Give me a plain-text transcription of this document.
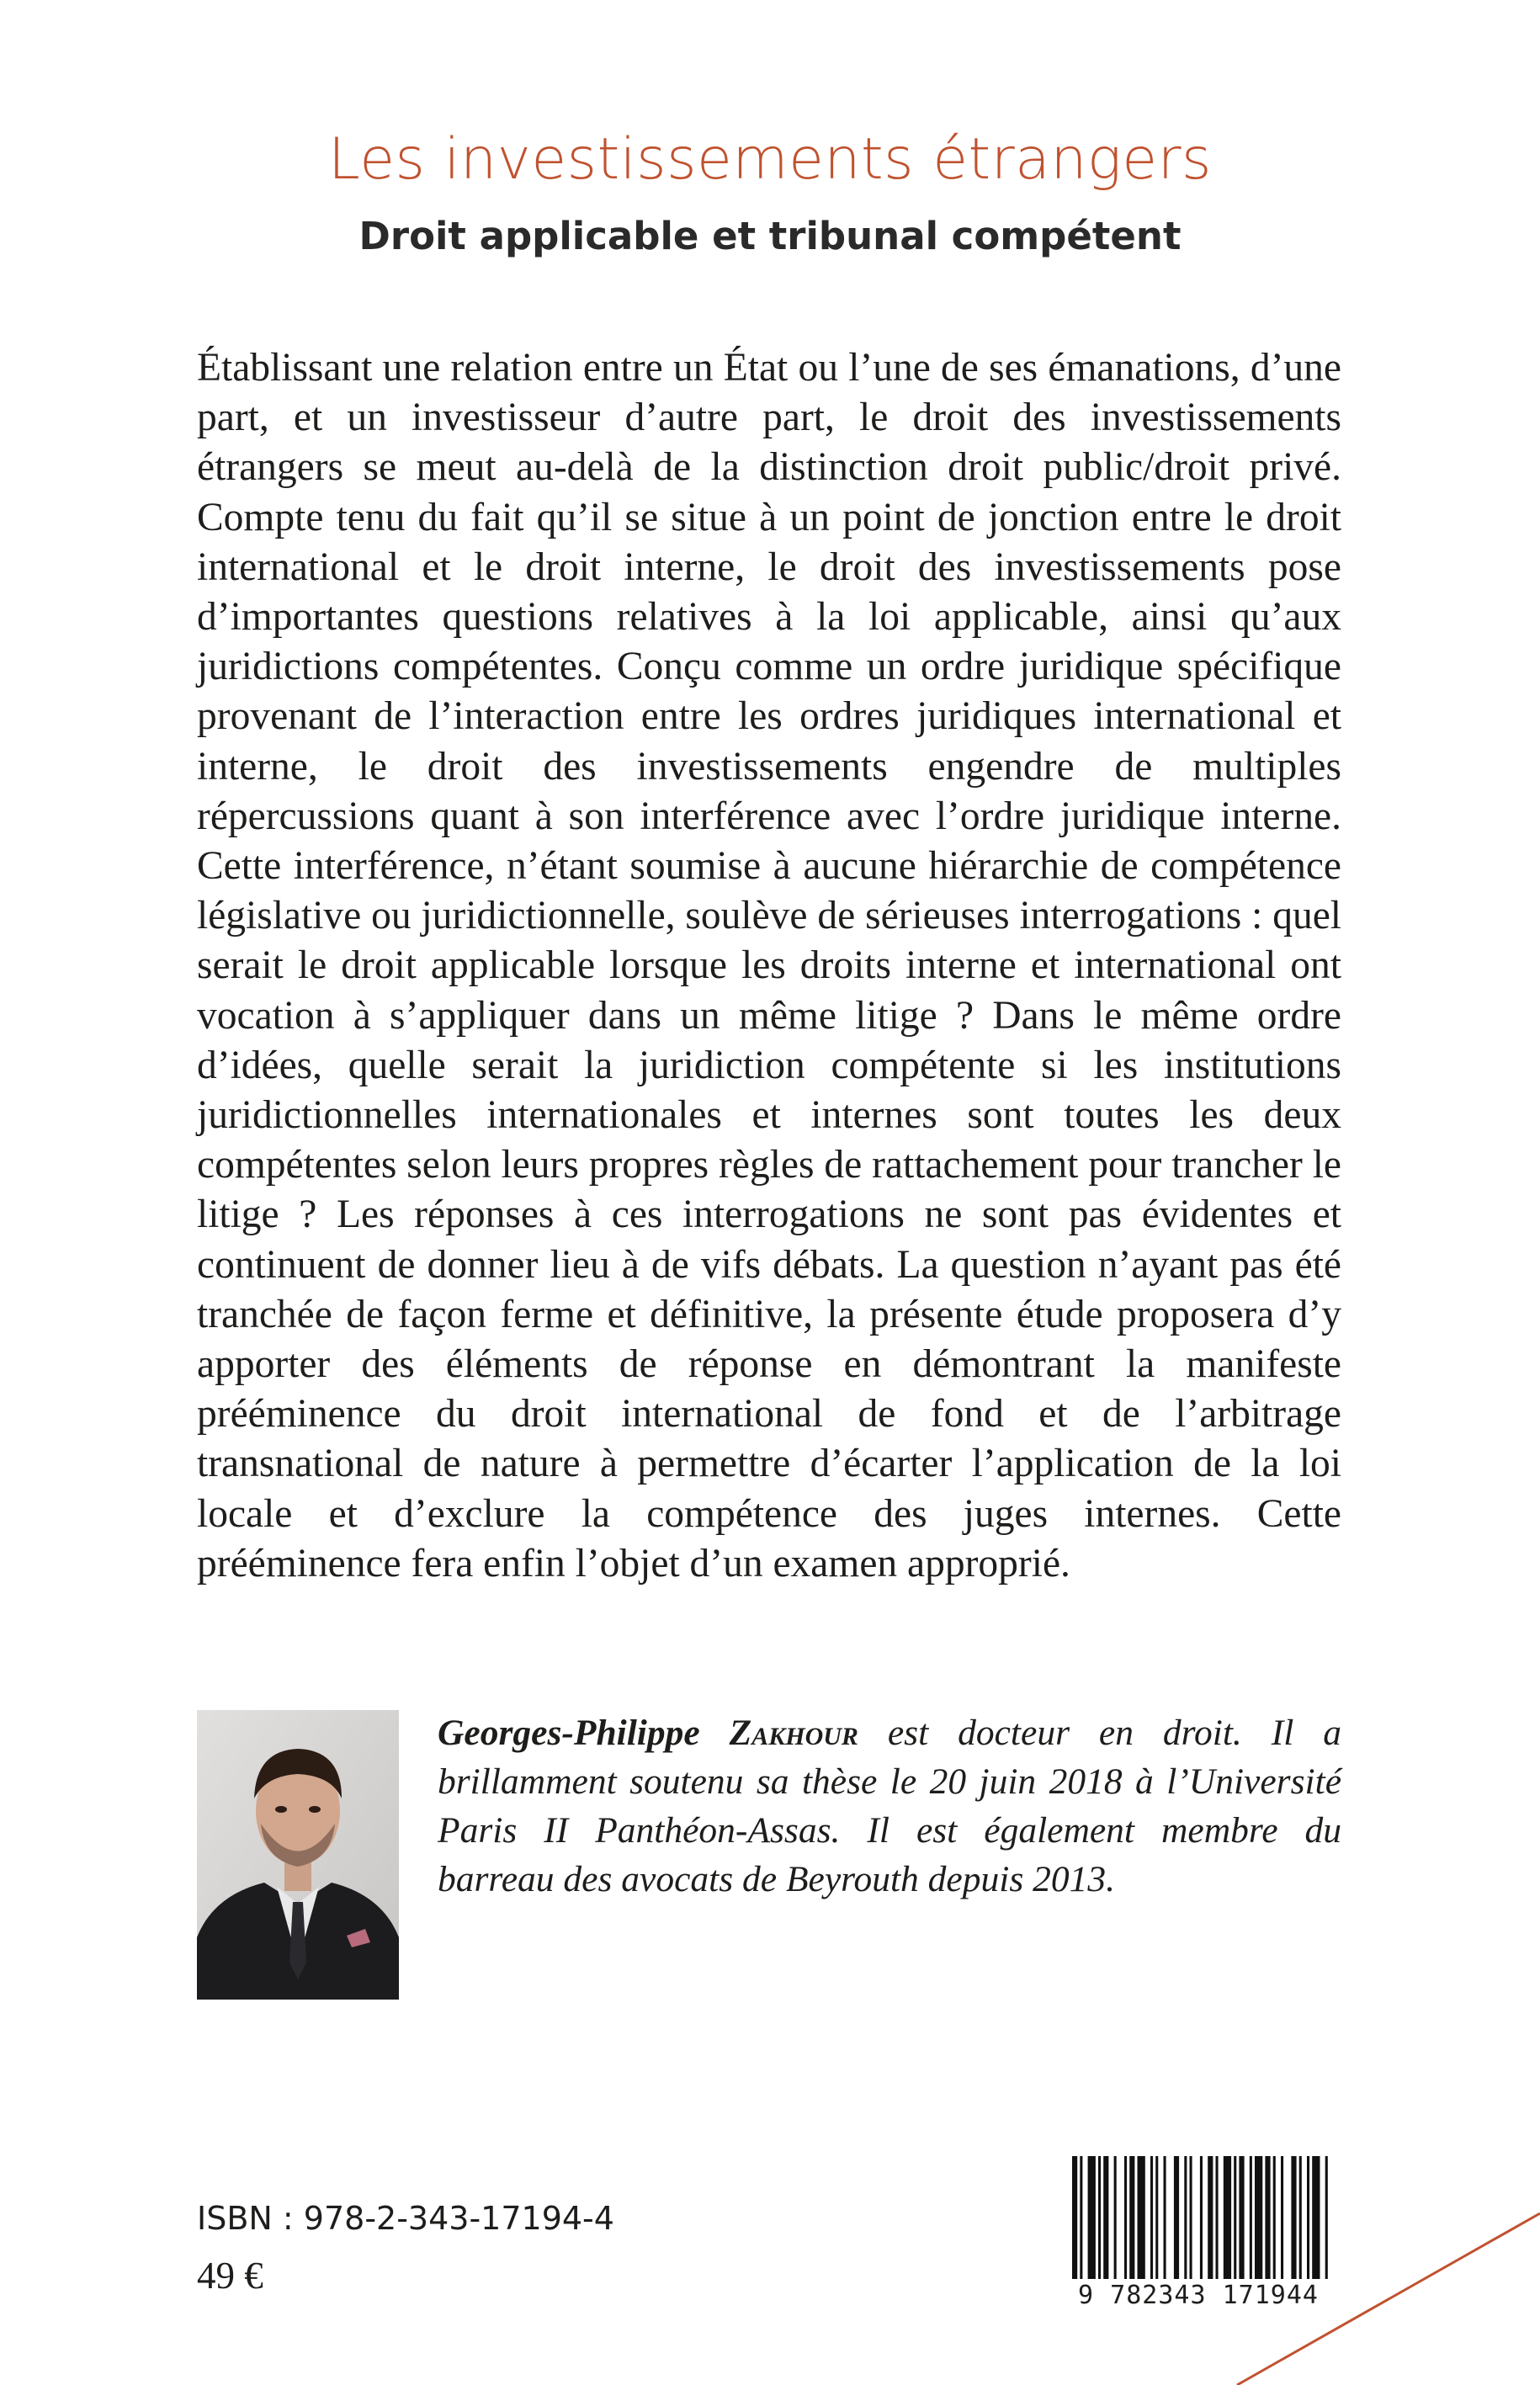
Les investissements étrangers
Droit applicable et tribunal compétent

Établissant une relation entre un État ou l’une de ses émanations, d’une part, et un investisseur d’autre part, le droit des investissements étrangers se meut au-delà de la distinction droit public/droit privé. Compte tenu du fait qu’il se situe à un point de jonction entre le droit international et le droit interne, le droit des investissements pose d’importantes questions relatives à la loi applicable, ainsi qu’aux juridictions compétentes. Conçu comme un ordre juridique spécifique provenant de l’interaction entre les ordres juridiques international et interne, le droit des investissements engendre de multiples répercussions quant à son interférence avec l’ordre juridique interne. Cette interférence, n’étant soumise à aucune hiérarchie de compétence législative ou juridictionnelle, soulève de sérieuses interrogations : quel serait le droit applicable lorsque les droits interne et international ont vocation à s’appliquer dans un même litige ? Dans le même ordre d’idées, quelle serait la juridiction compétente si les institutions juridictionnelles internationales et internes sont toutes les deux compétentes selon leurs propres règles de rattachement pour trancher le litige ? Les réponses à ces interrogations ne sont pas évidentes et continuent de donner lieu à de vifs débats. La question n’ayant pas été tranchée de façon ferme et définitive, la présente étude proposera d’y apporter des éléments de réponse en démontrant la manifeste prééminence du droit international de fond et de l’arbitrage transnational de nature à permettre d’écarter l’application de la loi locale et d’exclure la compétence des juges internes. Cette prééminence fera enfin l’objet d’un examen approprié.

Georges-Philippe Zakhour est docteur en droit. Il a brillamment soutenu sa thèse le 20 juin 2018 à l’Université Paris II Panthéon-Assas. Il est également membre du barreau des avocats de Beyrouth depuis 2013.

ISBN : 978-2-343-17194-4

49 €	9 782343 171944
